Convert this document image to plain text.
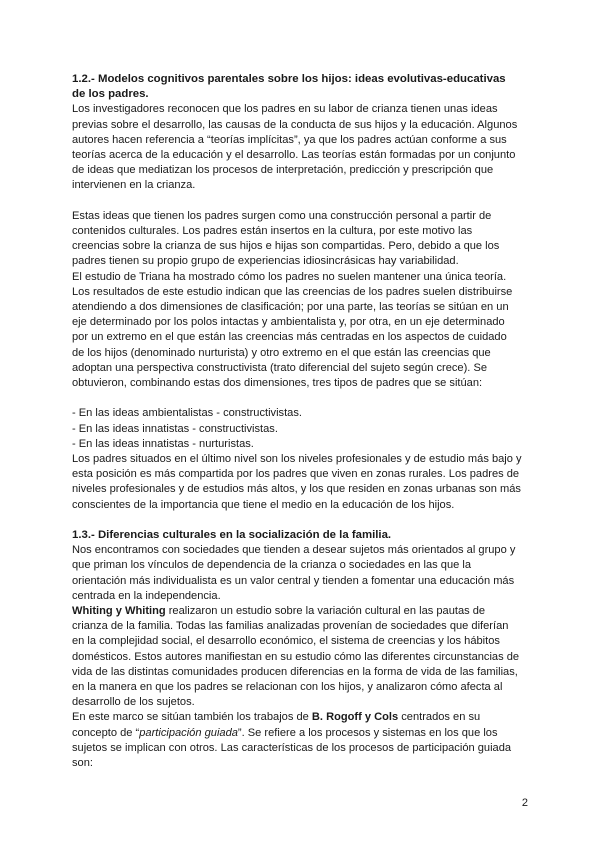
1.2.- Modelos cognitivos parentales sobre los hijos: ideas evolutivas-educativas de los padres.

Los investigadores reconocen que los padres en su labor de crianza tienen unas ideas previas sobre el desarrollo, las causas de la conducta de sus hijos y la educación. Algunos autores hacen referencia a “teorías implícitas”, ya que los padres actúan conforme a sus teorías acerca de la educación y el desarrollo. Las teorías están formadas por un conjunto de ideas que mediatizan los procesos de interpretación, predicción y prescripción que intervienen en la crianza.

Estas ideas que tienen los padres surgen como una construcción personal a partir de contenidos culturales. Los padres están insertos en la cultura, por este motivo las creencias sobre la crianza de sus hijos e hijas son compartidas. Pero, debido a que los padres tienen su propio grupo de experiencias idiosincrásicas hay variabilidad.

El estudio de Triana ha mostrado cómo los padres no suelen mantener una única teoría. Los resultados de este estudio indican que las creencias de los padres suelen distribuirse atendiendo a dos dimensiones de clasificación; por una parte, las teorías se sitúan en un eje determinado por los polos intactas y ambientalista y, por otra, en un eje determinado por un extremo en el que están las creencias más centradas en los aspectos de cuidado de los hijos (denominado nurturista) y otro extremo en el que están las creencias que adoptan una perspectiva constructivista (trato diferencial del sujeto según crece). Se obtuvieron, combinando estas dos dimensiones, tres tipos de padres que se sitúan:

- En las ideas ambientalistas - constructivistas.

- En las ideas innatistas - constructivistas.

- En las ideas innatistas - nurturistas.

Los padres situados en el último nivel son los niveles profesionales y de estudio más bajo y esta posición es más compartida por los padres que viven en zonas rurales. Los padres de niveles profesionales y de estudios más altos, y los que residen en zonas urbanas son más conscientes de la importancia que tiene el medio en la educación de los hijos.

1.3.- Diferencias culturales en la socialización de la familia.

Nos encontramos con sociedades que tienden a desear sujetos más orientados al grupo y que priman los vínculos de dependencia de la crianza o sociedades en las que la orientación más individualista es un valor central y tienden a fomentar una educación más centrada en la independencia.

Whiting y Whiting realizaron un estudio sobre la variación cultural en las pautas de crianza de la familia. Todas las familias analizadas provenían de sociedades que diferían en la complejidad social, el desarrollo económico, el sistema de creencias y los hábitos domésticos. Estos autores manifiestan en su estudio cómo las diferentes circunstancias de vida de las distintas comunidades producen diferencias en la forma de vida de las familias, en la manera en que los padres se relacionan con los hijos, y analizaron cómo afecta al desarrollo de los sujetos.

En este marco se sitúan también los trabajos de B. Rogoff y Cols centrados en su concepto de “participación guiada”. Se refiere a los procesos y sistemas en los que los sujetos se implican con otros. Las características de los procesos de participación guiada son:

2
